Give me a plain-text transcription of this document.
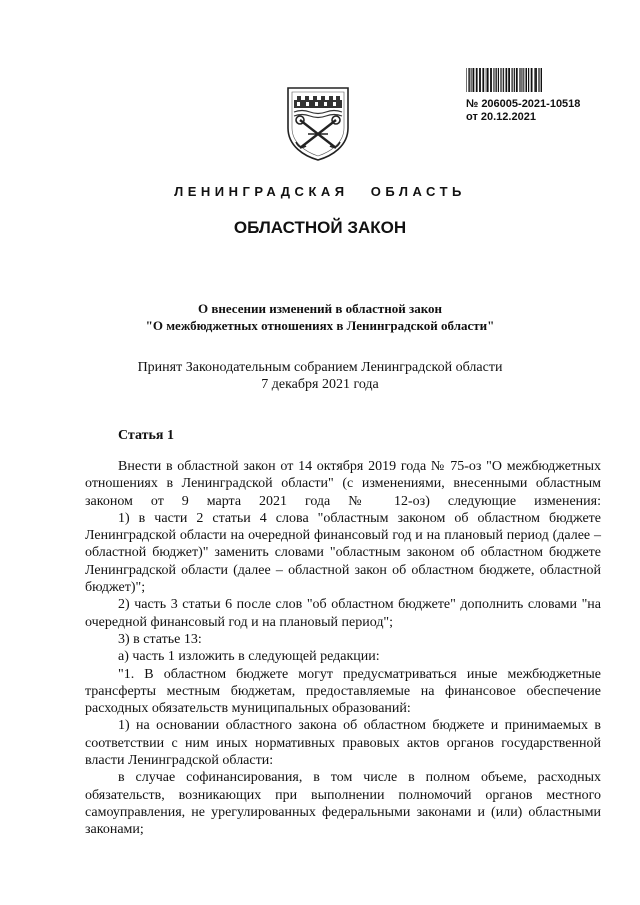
№ 206005-2021-10518
от 20.12.2021
ЛЕНИНГРАДСКАЯ ОБЛАСТЬ
ОБЛАСТНОЙ ЗАКОН
О внесении изменений в областной закон
"О межбюджетных отношениях в Ленинградской области"
Принят Законодательным собранием Ленинградской области
7 декабря 2021 года
Статья 1

Внести в областной закон от 14 октября 2019 года № 75-оз "О межбюджетных отношениях в Ленинградской области" (с изменениями, внесенными областным законом от 9 марта 2021 года № 12-оз) следующие изменения:

1) в части 2 статьи 4 слова "областным законом об областном бюджете Ленинградской области на очередной финансовый год и на плановый период (далее – областной бюджет)" заменить словами "областным законом об областном бюджете Ленинградской области (далее – областной закон об областном бюджете, областной бюджет)";

2) часть 3 статьи 6 после слов "об областном бюджете" дополнить словами "на очередной финансовый год и на плановый период";

3) в статье 13:

а) часть 1 изложить в следующей редакции:

"1. В областном бюджете могут предусматриваться иные межбюджетные трансферты местным бюджетам, предоставляемые на финансовое обеспечение расходных обязательств муниципальных образований:

1) на основании областного закона об областном бюджете и принимаемых в соответствии с ним иных нормативных правовых актов органов государственной власти Ленинградской области:

в случае софинансирования, в том числе в полном объеме, расходных обязательств, возникающих при выполнении полномочий органов местного самоуправления, не урегулированных федеральными законами и (или) областными законами;
